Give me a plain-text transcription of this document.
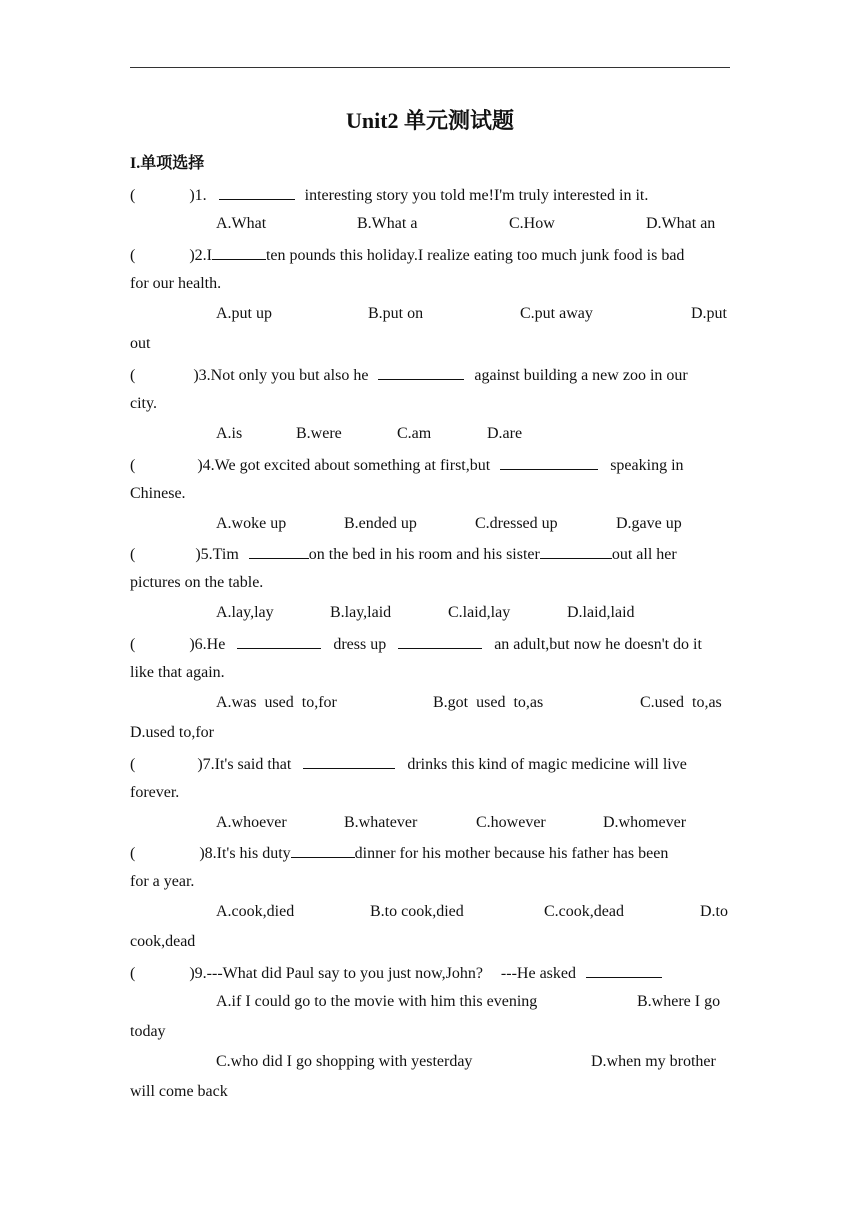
Unit2 单元测试题
I.单项选择
(	)1.	interesting story you told me!I'm truly interested in it.
A.What	B.What a	C.How	D.What an
(	)2.I	ten pounds this holiday.I realize eating too much junk food is bad
for our health.
A.put up	B.put on	C.put away	D.put
out
(	)3.Not only you but also he	against building a new zoo in our
city.
A.is	B.were	C.am	D.are
(	)4.We got excited about something at first,but	speaking in
Chinese.
A.woke up	B.ended up	C.dressed up	D.gave up
(	)5.Tim	on the bed in his room and his sister	out all her
pictures on the table.
A.lay,lay	B.lay,laid	C.laid,lay	D.laid,laid
(	)6.He	dress up	an adult,but now he doesn't do it
like that again.
A.was  used  to,for	B.got  used  to,as	C.used  to,as
D.used to,for
(	)7.It's said that	drinks this kind of magic medicine will live
forever.
A.whoever	B.whatever	C.however	D.whomever
(	)8.It's his duty	dinner for his mother because his father has been
for a year.
A.cook,died	B.to cook,died	C.cook,dead	D.to
cook,dead
(	)9.---What did Paul say to you just now,John? ---He asked
A.if I could go to the movie with him this evening	B.where I go
today
C.who did I go shopping with yesterday	D.when my brother
will come back
